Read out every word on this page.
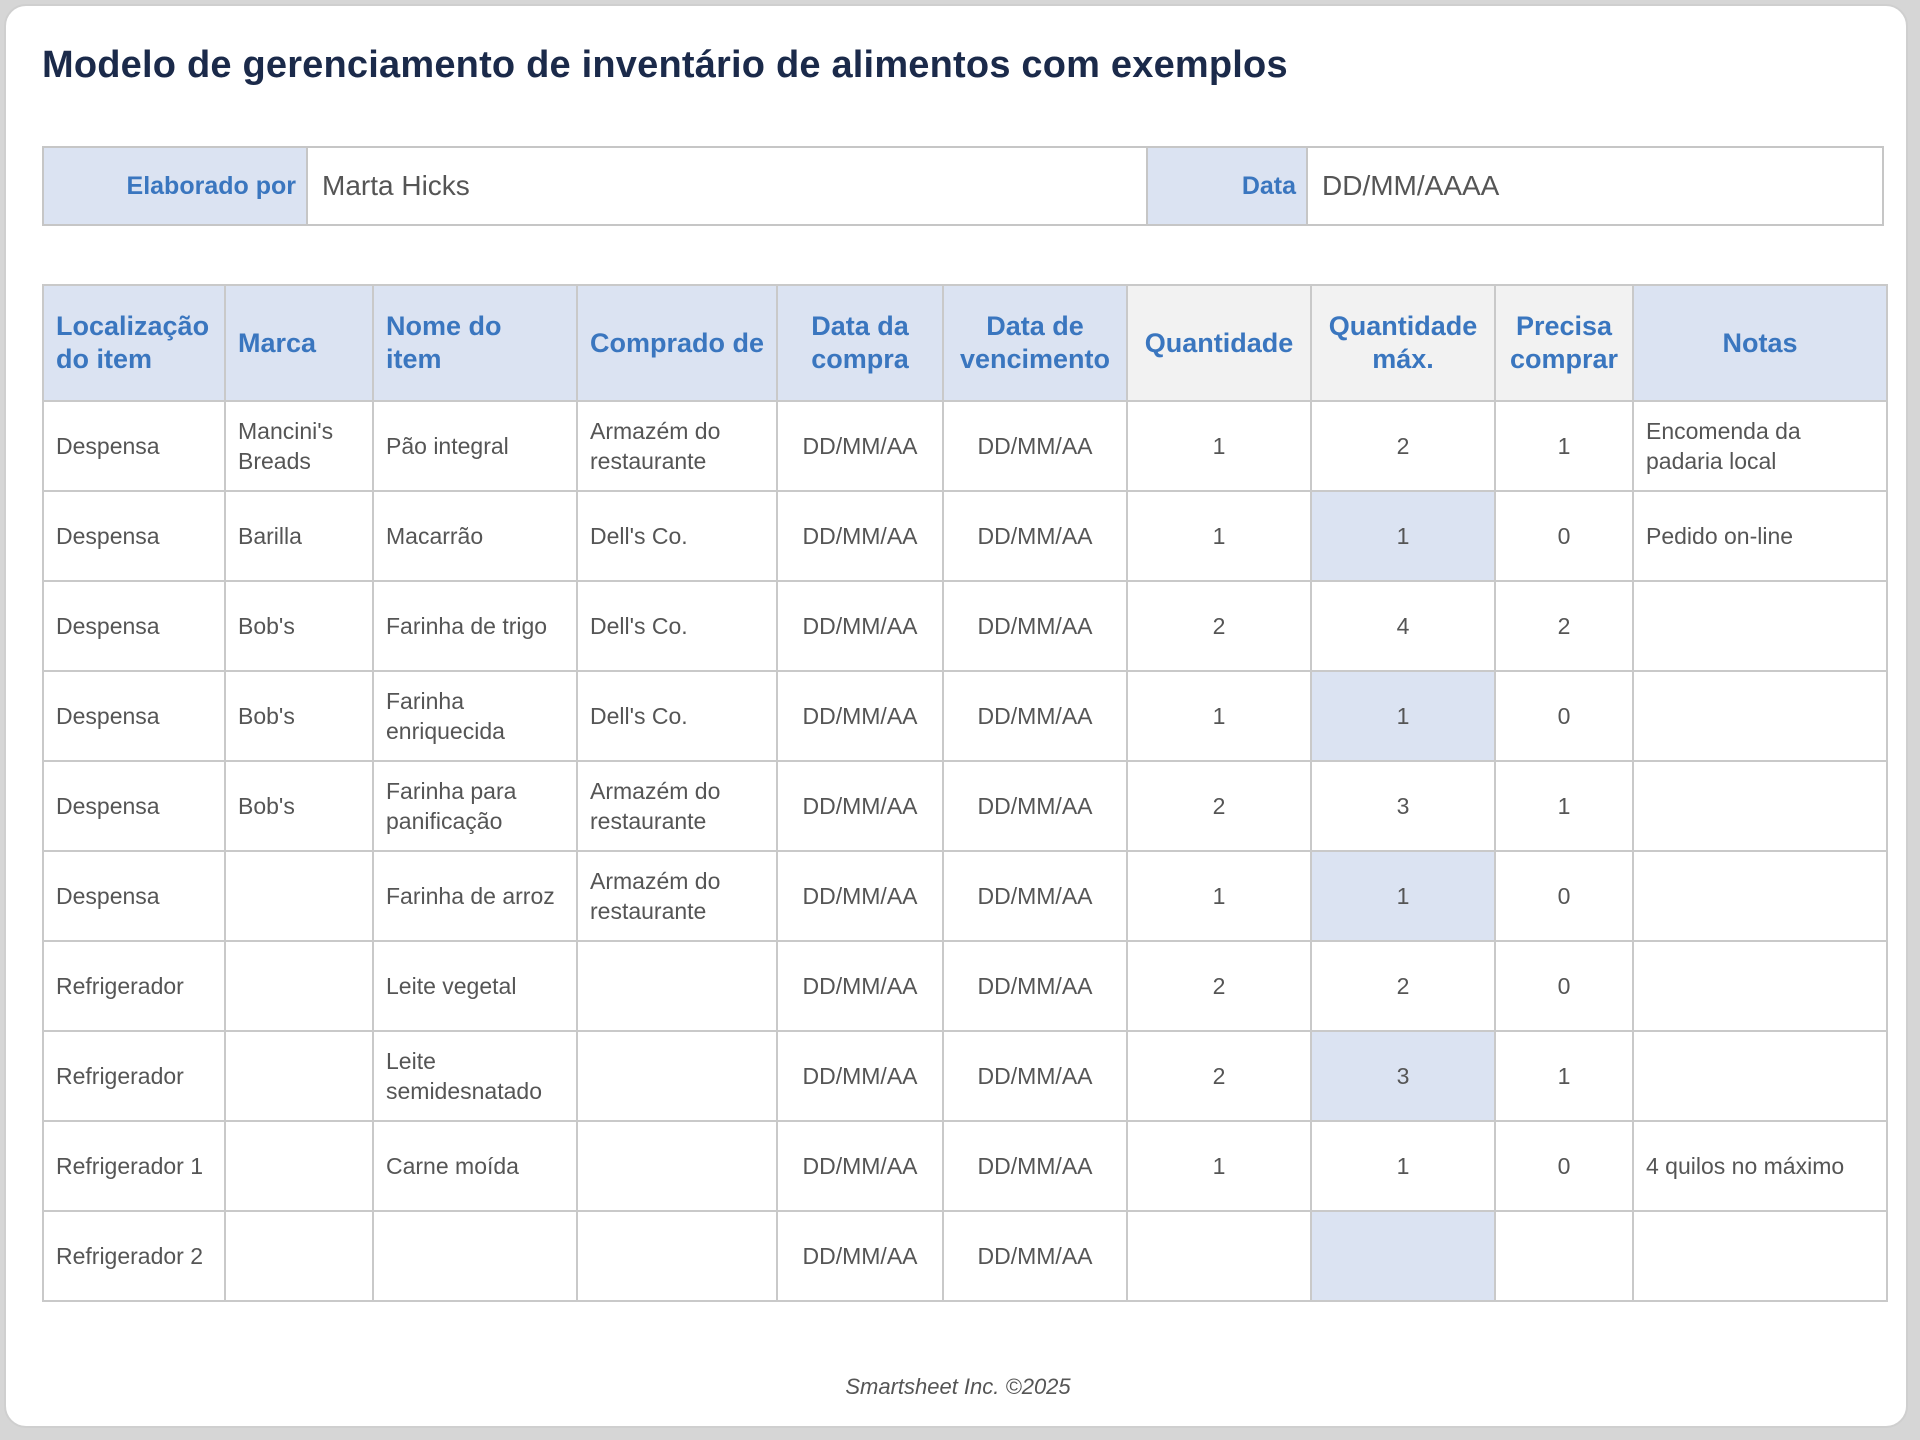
Modelo de gerenciamento de inventário de alimentos com exemplos
Elaborado por	Marta Hicks	Data	DD/MM/AAAA
Localização do item	Marca	Nome do item	Comprado de	Data da compra	Data de vencimento	Quantidade	Quantidade máx.	Precisa comprar	Notas
Despensa	Mancini's Breads	Pão integral	Armazém do restaurante	DD/MM/AA	DD/MM/AA	1	2	1	Encomenda da padaria local
Despensa	Barilla	Macarrão	Dell's Co.	DD/MM/AA	DD/MM/AA	1	1	0	Pedido on-line
Despensa	Bob's	Farinha de trigo	Dell's Co.	DD/MM/AA	DD/MM/AA	2	4	2	
Despensa	Bob's	Farinha enriquecida	Dell's Co.	DD/MM/AA	DD/MM/AA	1	1	0	
Despensa	Bob's	Farinha para panificação	Armazém do restaurante	DD/MM/AA	DD/MM/AA	2	3	1	
Despensa		Farinha de arroz	Armazém do restaurante	DD/MM/AA	DD/MM/AA	1	1	0	
Refrigerador		Leite vegetal		DD/MM/AA	DD/MM/AA	2	2	0	
Refrigerador		Leite semidesnatado		DD/MM/AA	DD/MM/AA	2	3	1	
Refrigerador 1		Carne moída		DD/MM/AA	DD/MM/AA	1	1	0	4 quilos no máximo
Refrigerador 2				DD/MM/AA	DD/MM/AA				
Smartsheet Inc. ©2025
